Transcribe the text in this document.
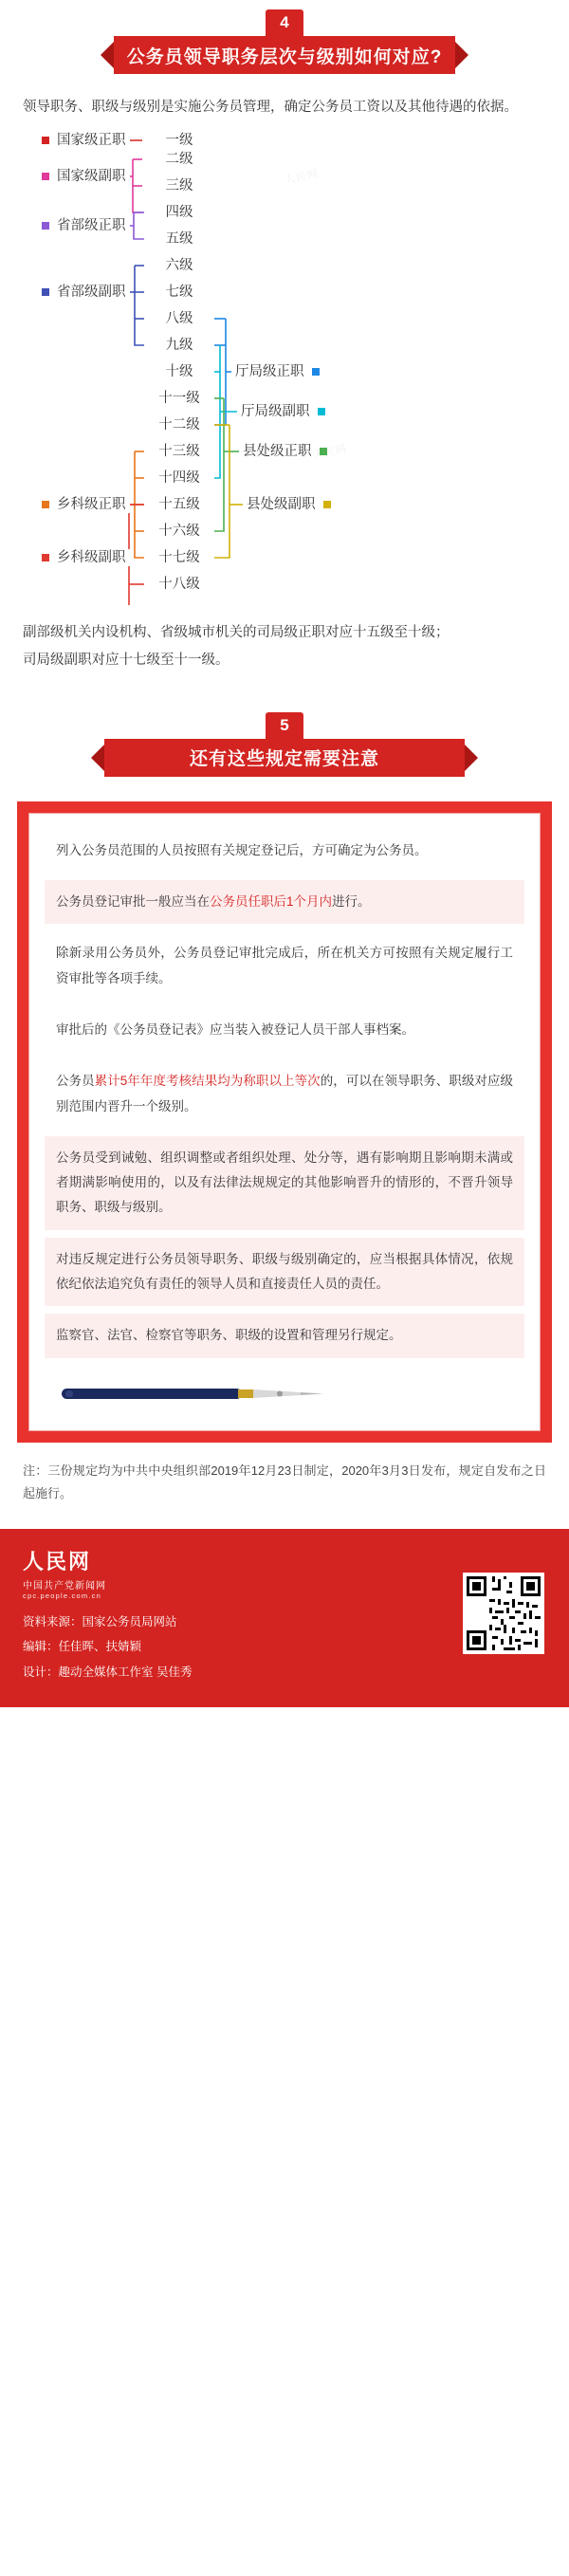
4
公务员领导职务层次与级别如何对应?

领导职务、职级与级别是实施公务员管理，确定公务员工资以及其他待遇的依据。

一级
二级
三级
四级
五级
六级
七级
八级
九级
十级
十一级
十二级
十三级
十四级
十五级
十六级
十七级
十八级
国家级正职
国家级副职
省部级正职
省部级副职
乡科级正职
乡科级副职
厅局级正职
厅局级副职
县处级正职
县处级副职
人民网
人民网

副部级机关内设机构、省级城市机关的司局级正职对应十五级至十级；

司局级副职对应十七级至十一级。

5
还有这些规定需要注意
列入公务员范围的人员按照有关规定登记后，方可确定为公务员。
公务员登记审批一般应当在公务员任职后1个月内进行。
除新录用公务员外，公务员登记审批完成后，所在机关方可按照有关规定履行工资审批等各项手续。
审批后的《公务员登记表》应当装入被登记人员干部人事档案。
公务员累计5年年度考核结果均为称职以上等次的，可以在领导职务、职级对应级别范围内晋升一个级别。
公务员受到诫勉、组织调整或者组织处理、处分等，遇有影响期且影响期未满或者期满影响使用的，以及有法律法规规定的其他影响晋升的情形的，不晋升领导职务、职级与级别。
对违反规定进行公务员领导职务、职级与级别确定的，应当根据具体情况，依规依纪依法追究负有责任的领导人员和直接责任人员的责任。
监察官、法官、检察官等职务、职级的设置和管理另行规定。

注：三份规定均为中共中央组织部2019年12月23日制定，2020年3月3日发布，规定自发布之日起施行。

人民网
中国共产党新闻网
cpc.people.com.cn
资料来源：国家公务员局网站
编辑：任佳晖、扶婧颖
设计：趣动全媒体工作室 吴佳秀
